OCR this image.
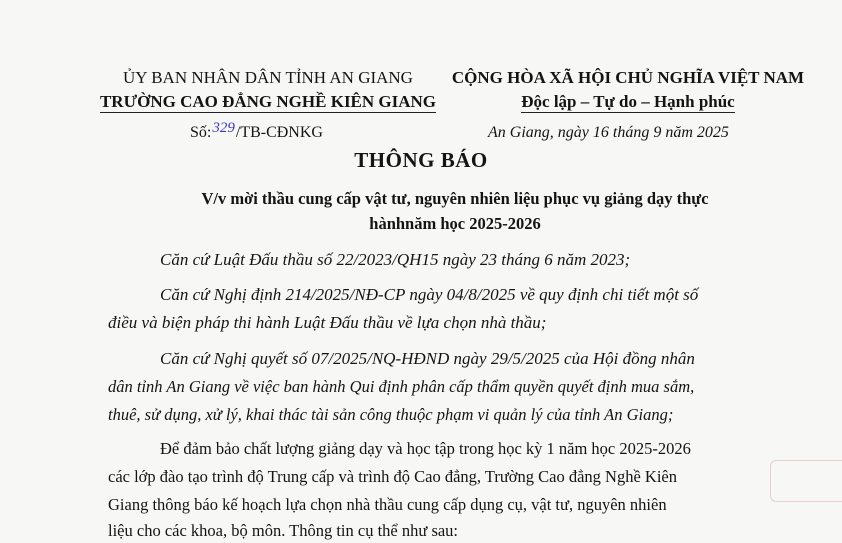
ỦY BAN NHÂN DÂN TỈNH AN GIANG
TRƯỜNG CAO ĐẲNG NGHỀ KIÊN GIANG
CỘNG HÒA XÃ HỘI CHỦ NGHĨA VIỆT NAM
Độc lập – Tự do – Hạnh phúc
Số:329/TB-CĐNKG	An Giang, ngày 16 tháng 9 năm 2025
THÔNG BÁO
V/v mời thầu cung cấp vật tư, nguyên nhiên liệu phục vụ giảng dạy thực
hànhnăm học 2025-2026
Căn cứ Luật Đấu thầu số 22/2023/QH15 ngày 23 tháng 6 năm 2023;
Căn cứ Nghị định 214/2025/NĐ-CP ngày 04/8/2025 về quy định chi tiết một số
điều và biện pháp thi hành Luật Đấu thầu về lựa chọn nhà thầu;
Căn cứ Nghị quyết số 07/2025/NQ-HĐND ngày 29/5/2025 của Hội đồng nhân
dân tỉnh An Giang về việc ban hành Qui định phân cấp thẩm quyền quyết định mua sắm,
thuê, sử dụng, xử lý, khai thác tài sản công thuộc phạm vi quản lý của tỉnh An Giang;
Để đảm bảo chất lượng giảng dạy và học tập trong học kỳ 1 năm học 2025-2026
các lớp đào tạo trình độ Trung cấp và trình độ Cao đẳng, Trường Cao đẳng Nghề Kiên
Giang thông báo kế hoạch lựa chọn nhà thầu cung cấp dụng cụ, vật tư, nguyên nhiên
liệu cho các khoa, bộ môn. Thông tin cụ thể như sau:
